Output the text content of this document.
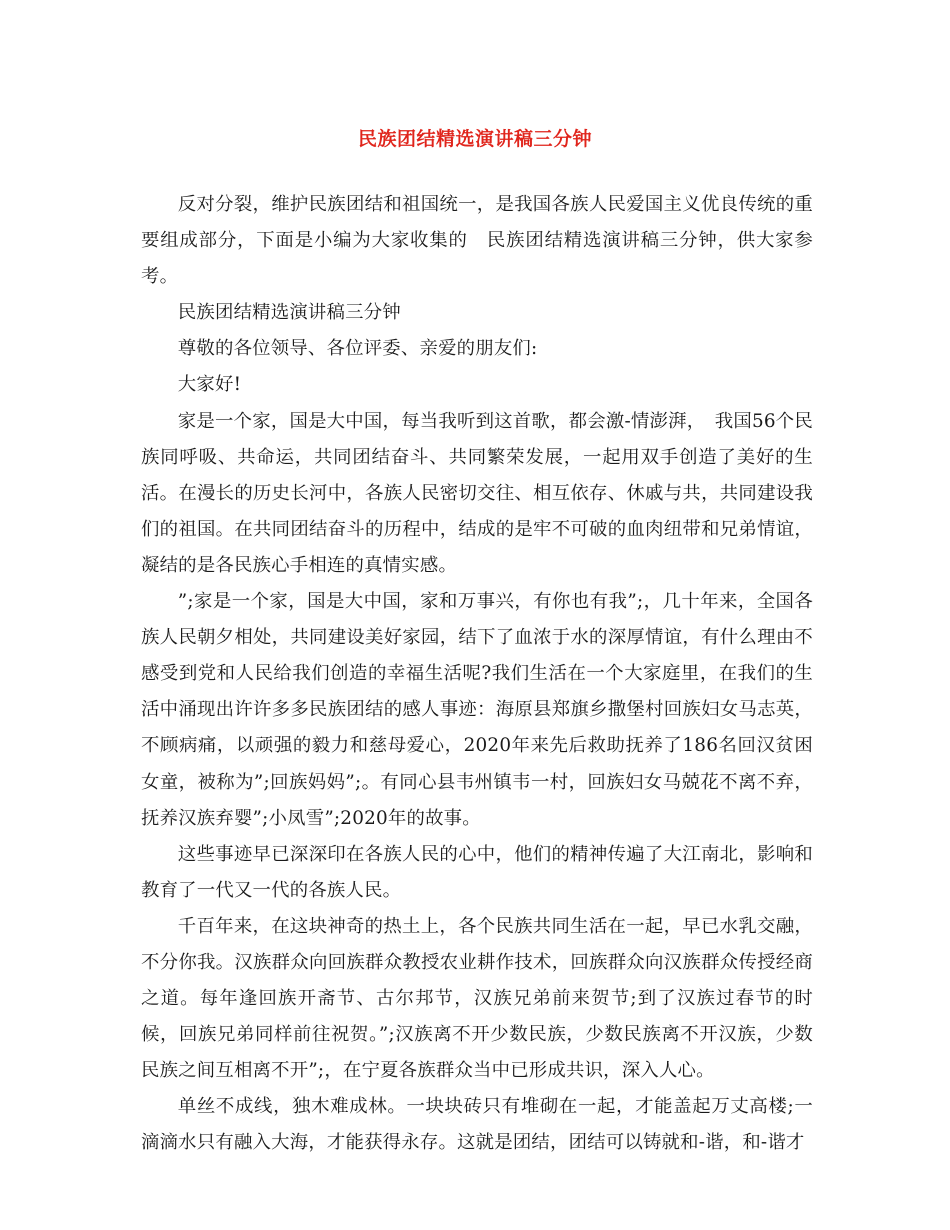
民族团结精选演讲稿三分钟

反对分裂，维护民族团结和祖国统一，是我国各族人民爱国主义优良传统的重要组成部分，下面是小编为大家收集的　民族团结精选演讲稿三分钟，供大家参考。

民族团结精选演讲稿三分钟

尊敬的各位领导、各位评委、亲爱的朋友们:

大家好!

家是一个家，国是大中国，每当我听到这首歌，都会激-情澎湃，　我国56个民族同呼吸、共命运，共同团结奋斗、共同繁荣发展，一起用双手创造了美好的生活。在漫长的历史长河中，各族人民密切交往、相互依存、休戚与共，共同建设我们的祖国。在共同团结奋斗的历程中，结成的是牢不可破的血肉纽带和兄弟情谊，凝结的是各民族心手相连的真情实感。

”;家是一个家，国是大中国，家和万事兴，有你也有我”;，几十年来，全国各族人民朝夕相处，共同建设美好家园，结下了血浓于水的深厚情谊，有什么理由不感受到党和人民给我们创造的幸福生活呢?我们生活在一个大家庭里，在我们的生活中涌现出许许多多民族团结的感人事迹：海原县郑旗乡撒堡村回族妇女马志英，不顾病痛，以顽强的毅力和慈母爱心，2020年来先后救助抚养了186名回汉贫困女童，被称为”;回族妈妈”;。有同心县韦州镇韦一村，回族妇女马兢花不离不弃，抚养汉族弃婴”;小凤雪”;2020年的故事。

这些事迹早已深深印在各族人民的心中，他们的精神传遍了大江南北，影响和教育了一代又一代的各族人民。

千百年来，在这块神奇的热土上，各个民族共同生活在一起，早已水乳交融，不分你我。汉族群众向回族群众教授农业耕作技术，回族群众向汉族群众传授经商之道。每年逢回族开斋节、古尔邦节，汉族兄弟前来贺节;到了汉族过春节的时候，回族兄弟同样前往祝贺。”;汉族离不开少数民族，少数民族离不开汉族，少数民族之间互相离不开”;，在宁夏各族群众当中已形成共识，深入人心。

单丝不成线，独木难成林。一块块砖只有堆砌在一起，才能盖起万丈高楼;一滴滴水只有融入大海，才能获得永存。这就是团结，团结可以铸就和-谐，和-谐才
